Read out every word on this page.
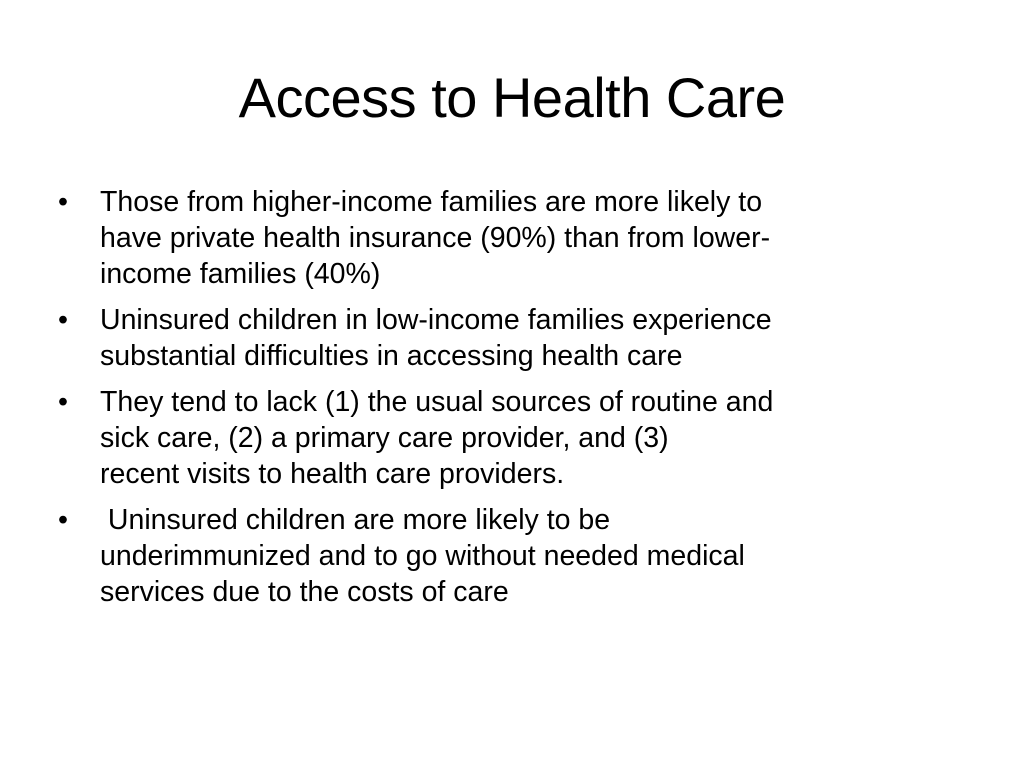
Access to Health Care
•	Those from higher-income families are more likely to
have private health insurance (90%) than from lower-
income families (40%)
•	Uninsured children in low-income families experience
substantial difficulties in accessing health care
•	They tend to lack (1) the usual sources of routine and
sick care, (2) a primary care provider, and (3)
recent visits to health care providers.
•	Uninsured children are more likely to be
underimmunized and to go without needed medical
services due to the costs of care
